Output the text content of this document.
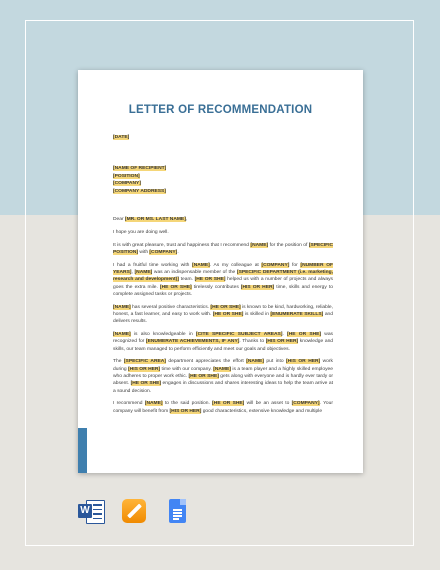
LETTER OF RECOMMENDATION
[DATE]
[NAME OF RECIPIENT]
[POSITION]
[COMPANY]
[COMPANY ADDRESS]

Dear [MR. OR MS. LAST NAME],

I hope you are doing well.

It is with great pleasure, trust and happiness that I recommend [NAME] for the position of [SPECIFIC POSITION] with [COMPANY].

I had a fruitful time working with [NAME]. As my colleague at [COMPANY] for [NUMBER OF YEARS], [NAME] was an indispensable member of the [SPECIFIC DEPARTMENT (i.e. marketing, research and development)] team. [HE OR SHE] helped us with a number of projects and always goes the extra mile. [HE OR SHE] tirelessly contributes [HIS OR HER] time, skills and energy to complete assigned tasks or projects.

[NAME] has several positive characteristics. [HE OR SHE] is known to be kind, hardworking, reliable, honest, a fast learner, and easy to work with. [HE OR SHE] is skilled in [ENUMERATE SKILLS] and delivers results.

[NAME] is also knowledgeable in [CITE SPECIFIC SUBJECT AREAS]. [HE OR SHE] was recognized for [ENUMERATE ACHIEVEMENTS, IF ANY]. Thanks to [HIS OR HER] knowledge and skills, our team managed to perform efficiently and meet our goals and objectives.

The [SPECIFIC AREA] department appreciates the effort [NAME] put into [HIS OR HER] work during [HIS OR HER] time with our company. [NAME] is a team player and a highly skilled employee who adheres to proper work ethic. [HE OR SHE] gets along with everyone and is hardly ever tardy or absent. [HE OR SHE] engages in discussions and shares interesting ideas to help the team arrive at a sound decision.

I recommend [NAME] to the said position. [HE OR SHE] will be an asset to [COMPANY]. Your company will benefit from [HIS OR HER] good characteristics, extensive knowledge and multiple

W
